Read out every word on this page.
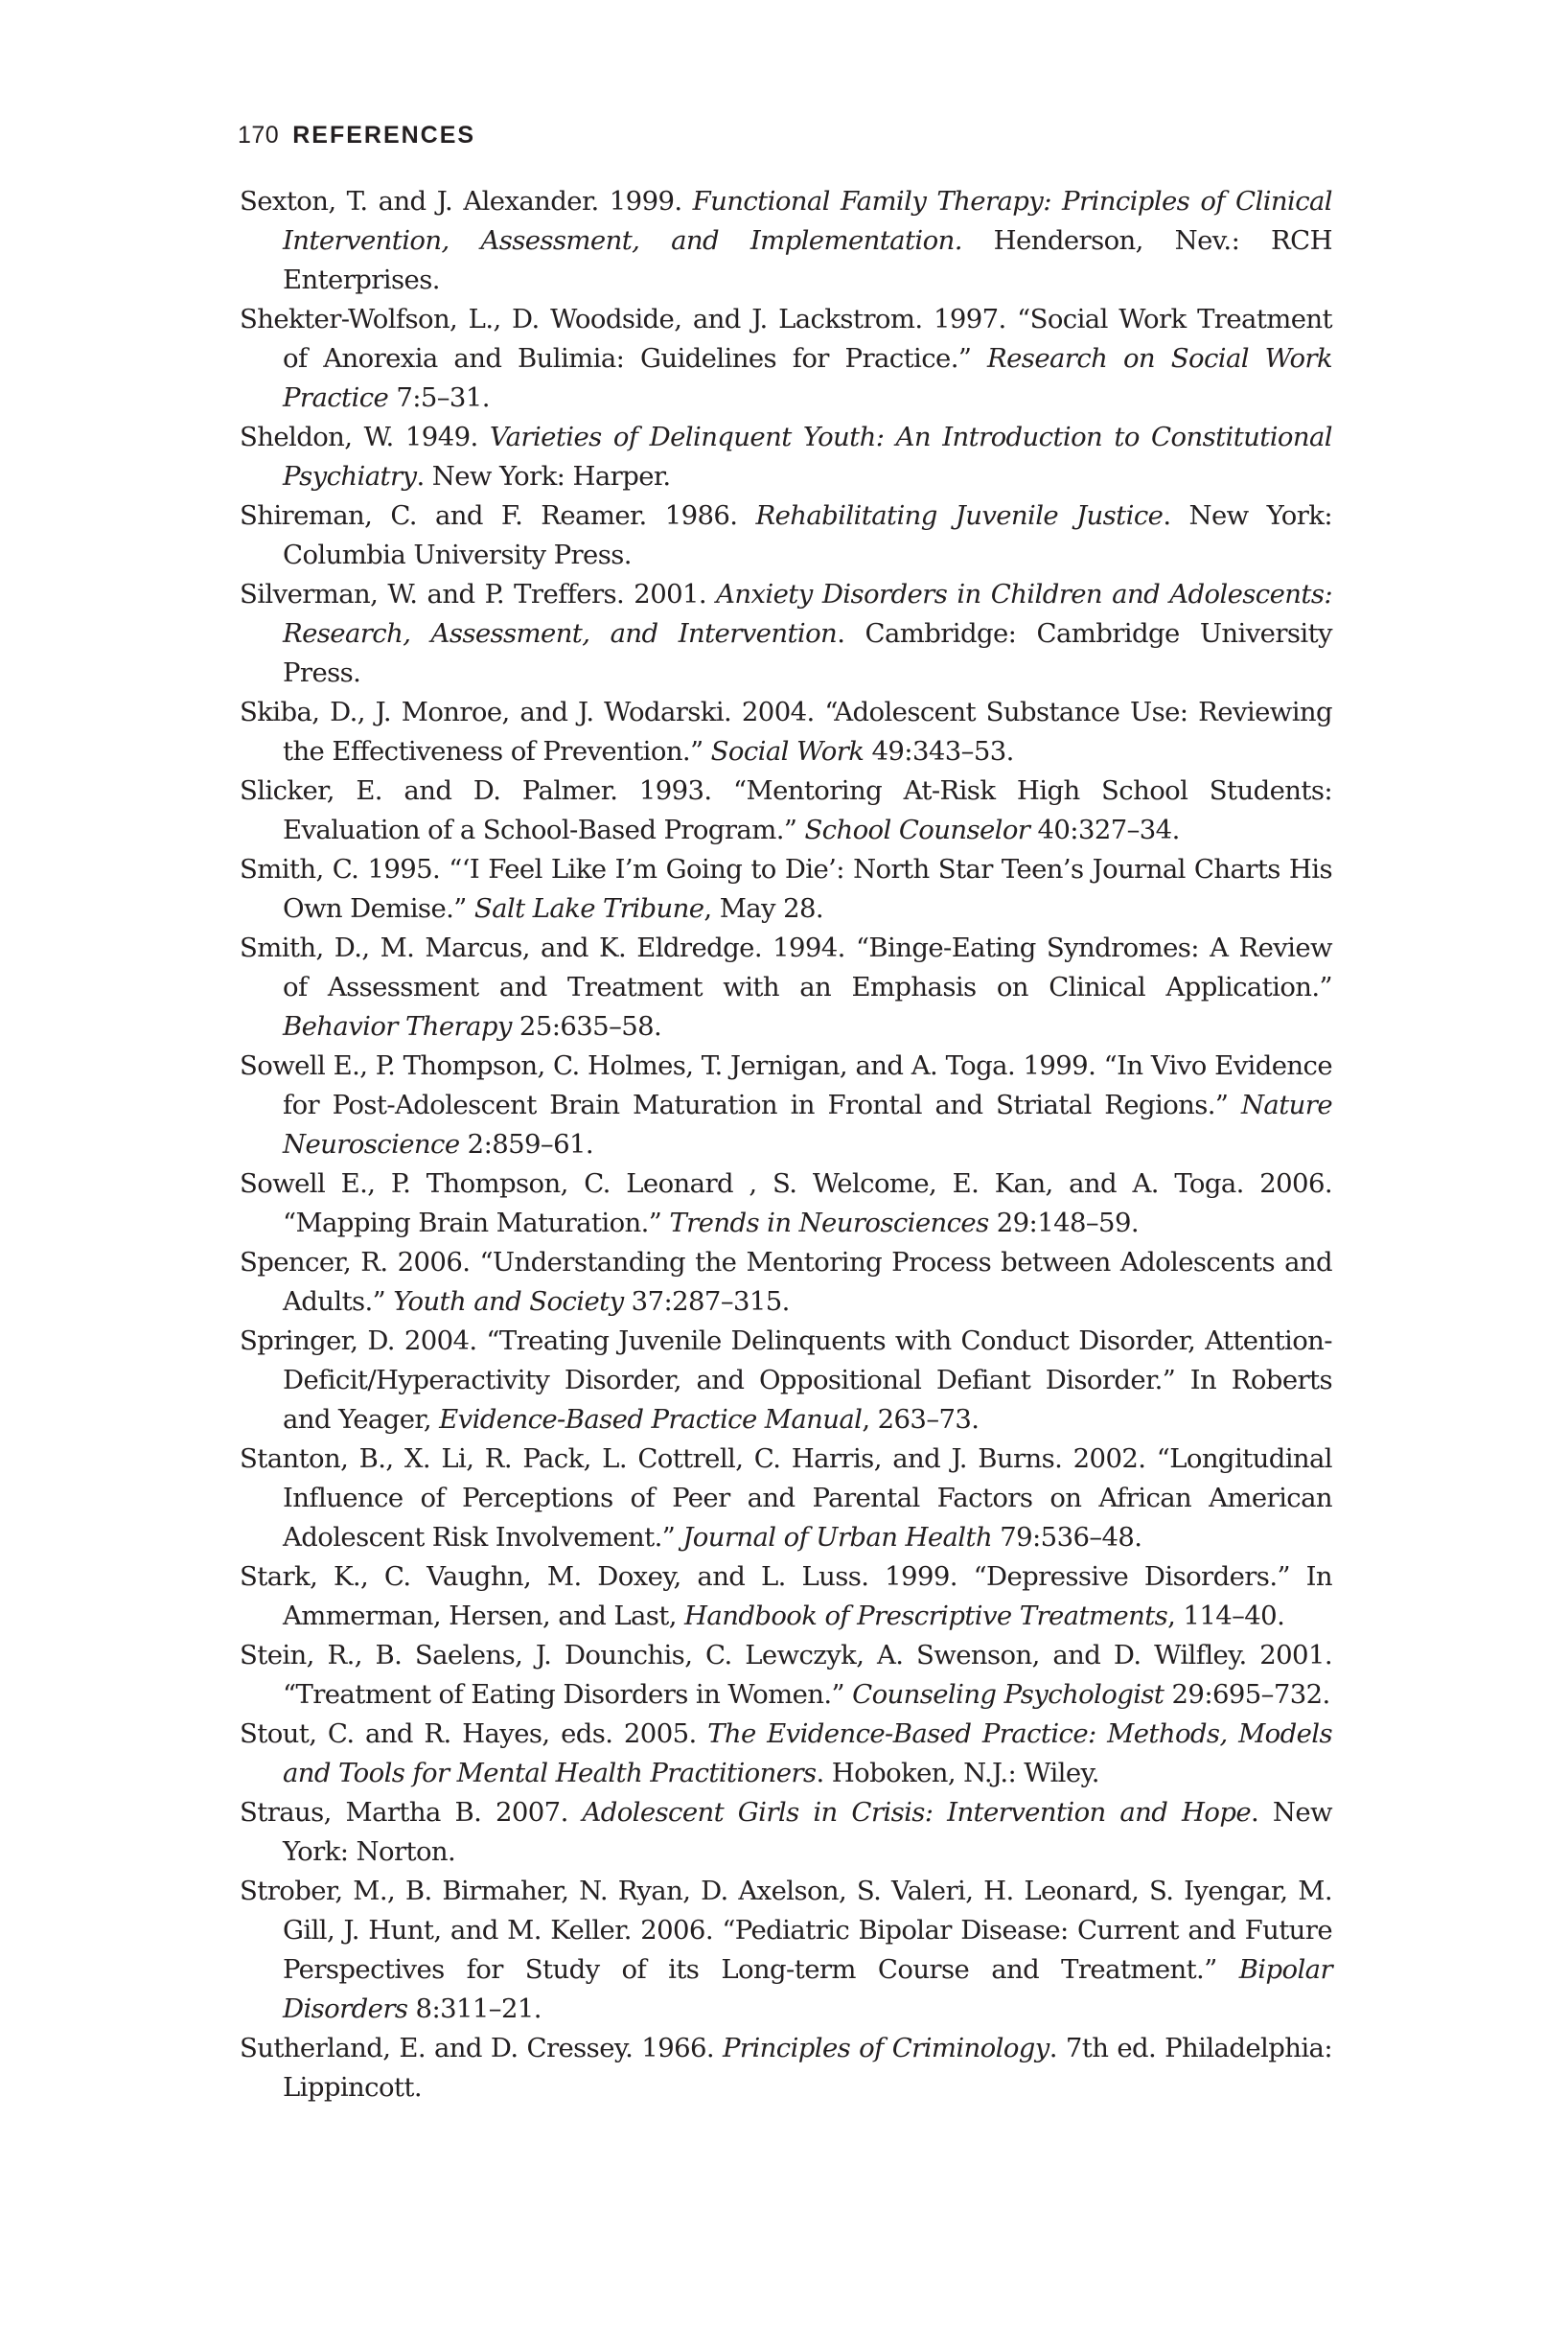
170 REFERENCES
Sexton, T. and J. Alexander. 1999. Functional Family Therapy: Principles of Clinical Intervention, Assessment, and Implementation. Henderson, Nev.: RCH Enterprises.
Shekter-Wolfson, L., D. Woodside, and J. Lackstrom. 1997. “Social Work Treatment of Anorexia and Bulimia: Guidelines for Practice.” Research on Social Work Practice 7:5–31.
Sheldon, W. 1949. Varieties of Delinquent Youth: An Introduction to Constitutional Psychiatry. New York: Harper.
Shireman, C. and F. Reamer. 1986. Rehabilitating Juvenile Justice. New York: Columbia University Press.
Silverman, W. and P. Treffers. 2001. Anxiety Disorders in Children and Adolescents: Research, Assessment, and Intervention. Cambridge: Cambridge University Press.
Skiba, D., J. Monroe, and J. Wodarski. 2004. “Adolescent Substance Use: Reviewing the Effectiveness of Prevention.” Social Work 49:343–53.
Slicker, E. and D. Palmer. 1993. “Mentoring At-Risk High School Students: Evaluation of a School-Based Program.” School Counselor 40:327–34.
Smith, C. 1995. “‘I Feel Like I’m Going to Die’: North Star Teen’s Journal Charts His Own Demise.” Salt Lake Tribune, May 28.
Smith, D., M. Marcus, and K. Eldredge. 1994. “Binge-Eating Syndromes: A Review of Assessment and Treatment with an Emphasis on Clinical Application.” Behavior Therapy 25:635–58.
Sowell E., P. Thompson, C. Holmes, T. Jernigan, and A. Toga. 1999. “In Vivo Evidence for Post-Adolescent Brain Maturation in Frontal and Striatal Regions.” Nature Neuroscience 2:859–61.
Sowell E., P. Thompson, C. Leonard , S. Welcome, E. Kan, and A. Toga. 2006. “Mapping Brain Maturation.” Trends in Neurosciences 29:148–59.
Spencer, R. 2006. “Understanding the Mentoring Process between Adolescents and Adults.” Youth and Society 37:287–315.
Springer, D. 2004. “Treating Juvenile Delinquents with Conduct Disorder, Attention-Deficit/Hyperactivity Disorder, and Oppositional Defiant Disorder.” In Roberts and Yeager, Evidence-Based Practice Manual, 263–73.
Stanton, B., X. Li, R. Pack, L. Cottrell, C. Harris, and J. Burns. 2002. “Longitudinal Influence of Perceptions of Peer and Parental Factors on African American Adolescent Risk Involvement.” Journal of Urban Health 79:536–48.
Stark, K., C. Vaughn, M. Doxey, and L. Luss. 1999. “Depressive Disorders.” In Ammerman, Hersen, and Last, Handbook of Prescriptive Treatments, 114–40.
Stein, R., B. Saelens, J. Dounchis, C. Lewczyk, A. Swenson, and D. Wilfley. 2001. “Treatment of Eating Disorders in Women.” Counseling Psychologist 29:695–732.
Stout, C. and R. Hayes, eds. 2005. The Evidence-Based Practice: Methods, Models and Tools for Mental Health Practitioners. Hoboken, N.J.: Wiley.
Straus, Martha B. 2007. Adolescent Girls in Crisis: Intervention and Hope. New York: Norton.
Strober, M., B. Birmaher, N. Ryan, D. Axelson, S. Valeri, H. Leonard, S. Iyengar, M. Gill, J. Hunt, and M. Keller. 2006. “Pediatric Bipolar Disease: Current and Future Perspectives for Study of its Long-term Course and Treatment.” Bipolar Disorders 8:311–21.
Sutherland, E. and D. Cressey. 1966. Principles of Criminology. 7th ed. Philadelphia: Lippincott.
